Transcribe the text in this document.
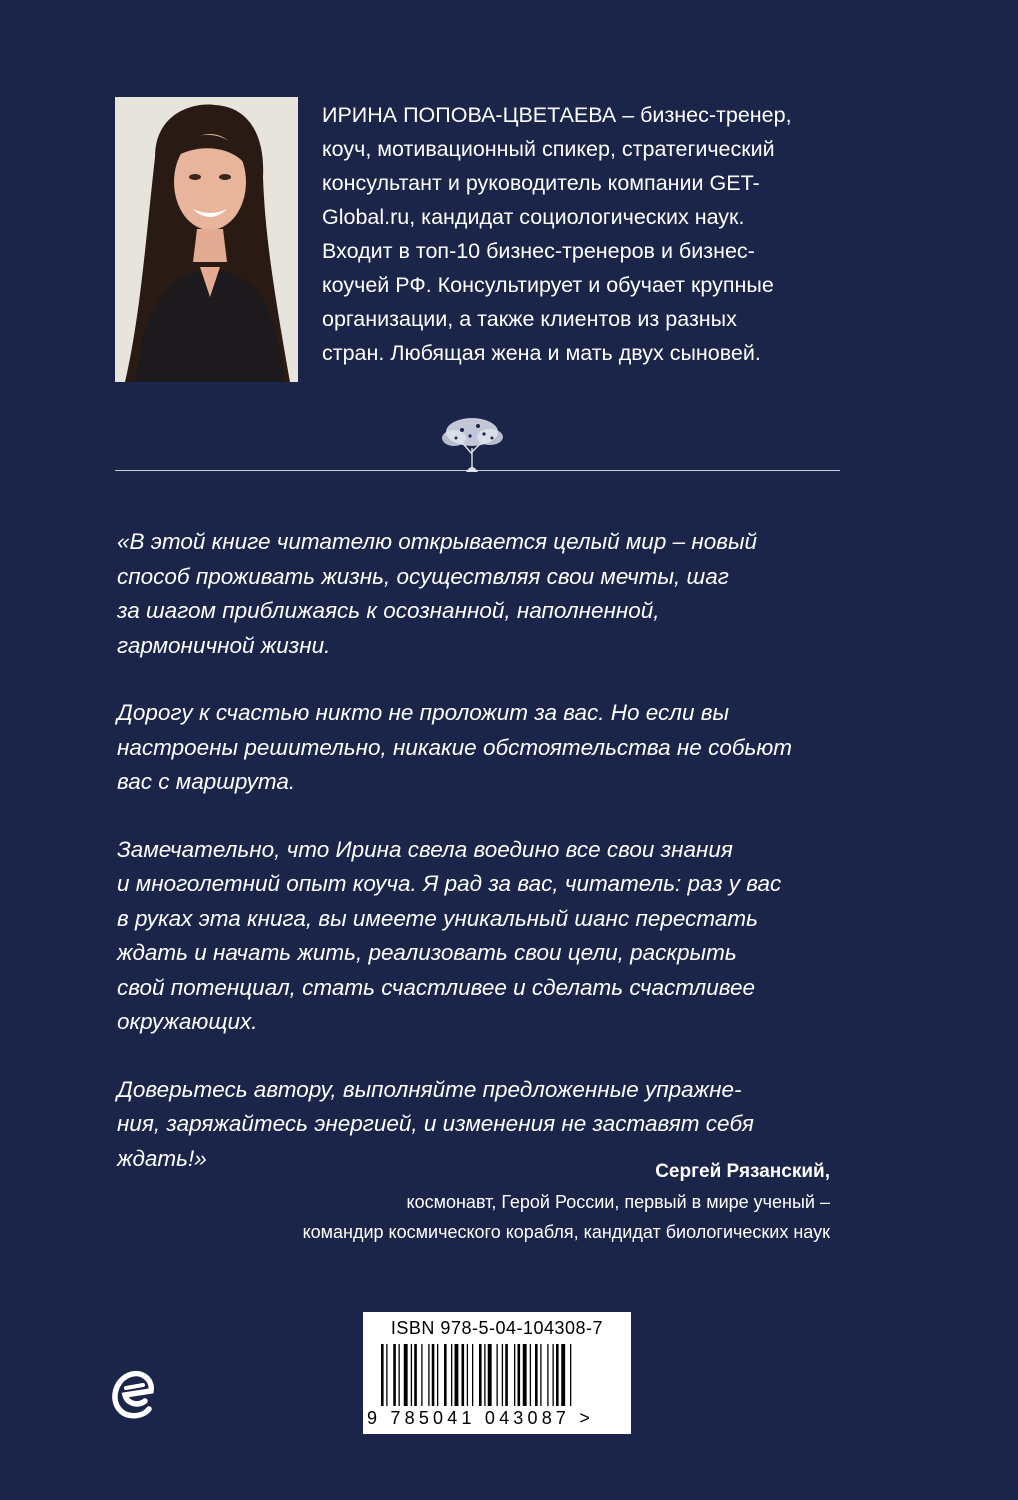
ИРИНА ПОПОВА-ЦВЕТАЕВА – бизнес-тренер,
коуч, мотивационный спикер, стратегический
консультант и руководитель компании GET-
Global.ru, кандидат социологических наук.
Входит в топ-10 бизнес-тренеров и бизнес-
коучей РФ. Консультирует и обучает крупные
организации, а также клиентов из разных
стран. Любящая жена и мать двух сыновей.

«В этой книге читателю открывается целый мир – новый
способ проживать жизнь, осуществляя свои мечты, шаг
за шагом приближаясь к осознанной, наполненной,
гармоничной жизни.

Дорогу к счастью никто не проложит за вас. Но если вы
настроены решительно, никакие обстоятельства не собьют
вас с маршрута.

Замечательно, что Ирина свела воедино все свои знания
и многолетний опыт коуча. Я рад за вас, читатель: раз у вас
в руках эта книга, вы имеете уникальный шанс перестать
ждать и начать жить, реализовать свои цели, раскрыть
свой потенциал, стать счастливее и сделать счастливее
окружающих.

Доверьтесь автору, выполняйте предложенные упражне-
ния, заряжайтесь энергией, и изменения не заставят себя
ждать!»

Сергей Рязанский,
космонавт, Герой России, первый в мире ученый –
командир космического корабля, кандидат биологических наук
ISBN 978-5-04-104308-7
9 785041 043087 >
